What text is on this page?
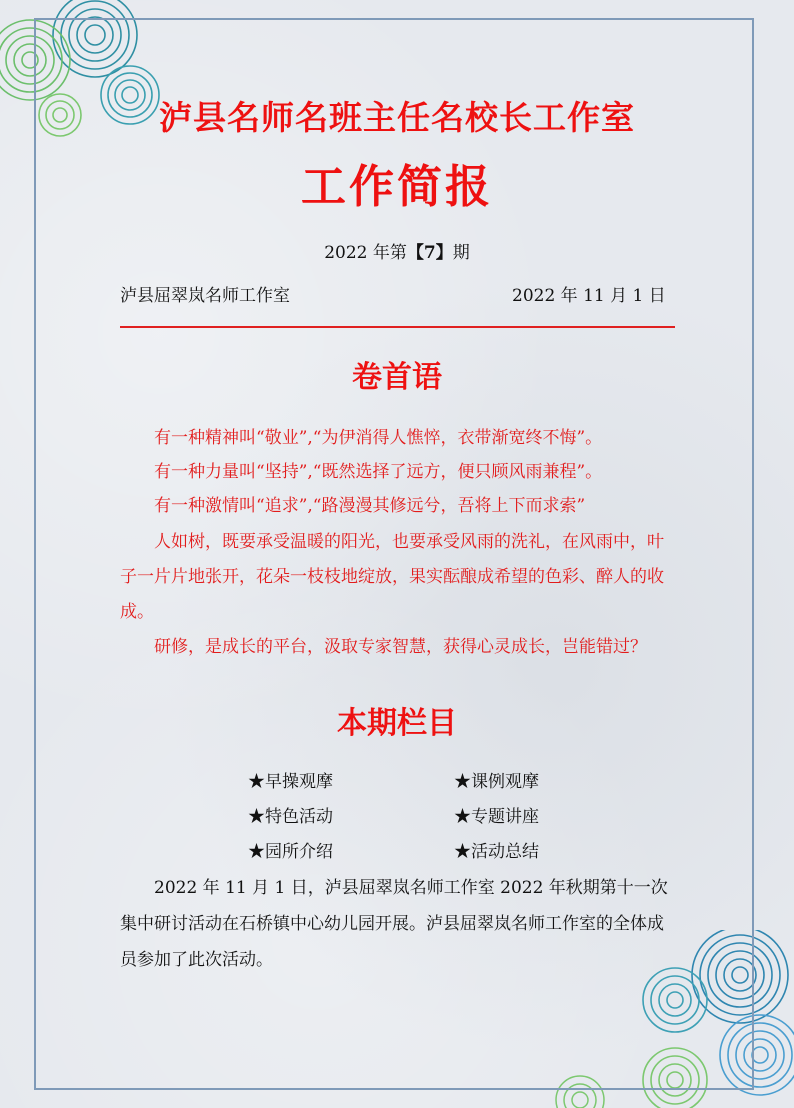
泸县名师名班主任名校长工作室
工作简报
2022 年第【7】期
泸县屈翠岚名师工作室	2022 年 11 月 1 日
卷首语
有一种精神叫“敬业”,“为伊消得人憔悴，衣带渐宽终不悔”。
有一种力量叫“坚持”,“既然选择了远方，便只顾风雨兼程”。
有一种激情叫“追求”,“路漫漫其修远兮，吾将上下而求索”
人如树，既要承受温暖的阳光，也要承受风雨的洗礼，在风雨中，叶子一片片地张开，花朵一枝枝地绽放，果实酝酿成希望的色彩、醉人的收成。
研修，是成长的平台，汲取专家智慧，获得心灵成长，岂能错过？
本期栏目
★早操观摩
★特色活动
★园所介绍
★课例观摩
★专题讲座
★活动总结
2022 年 11 月 1 日，泸县屈翠岚名师工作室 2022 年秋期第十一次集中研讨活动在石桥镇中心幼儿园开展。泸县屈翠岚名师工作室的全体成员参加了此次活动。
